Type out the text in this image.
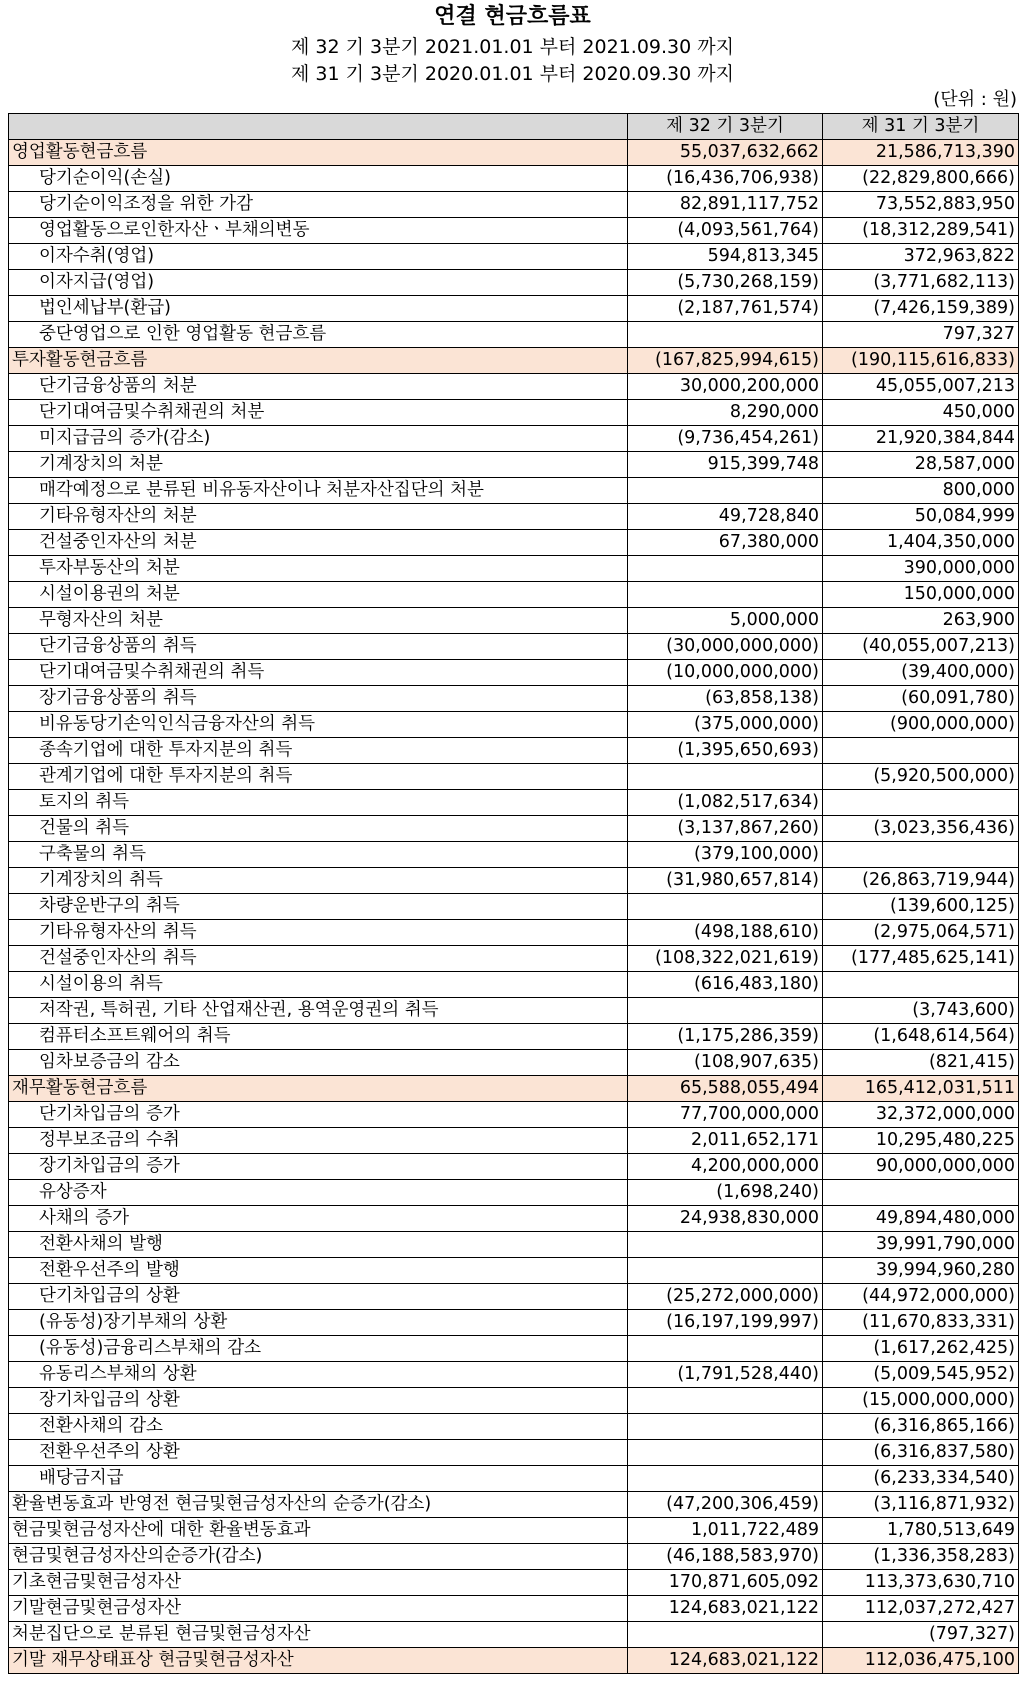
연결 현금흐름표
제 32 기 3분기 2021.01.01 부터 2021.09.30 까지
제 31 기 3분기 2020.01.01 부터 2020.09.30 까지
(단위 : 원)
	제 32 기 3분기	제 31 기 3분기
영업활동현금흐름	55,037,632,662	21,586,713,390
당기순이익(손실)	(16,436,706,938)	(22,829,800,666)
당기순이익조정을 위한 가감	82,891,117,752	73,552,883,950
영업활동으로인한자산ㆍ부채의변동	(4,093,561,764)	(18,312,289,541)
이자수취(영업)	594,813,345	372,963,822
이자지급(영업)	(5,730,268,159)	(3,771,682,113)
법인세납부(환급)	(2,187,761,574)	(7,426,159,389)
중단영업으로 인한 영업활동 현금흐름		797,327
투자활동현금흐름	(167,825,994,615)	(190,115,616,833)
단기금융상품의 처분	30,000,200,000	45,055,007,213
단기대여금및수취채권의 처분	8,290,000	450,000
미지급금의 증가(감소)	(9,736,454,261)	21,920,384,844
기계장치의 처분	915,399,748	28,587,000
매각예정으로 분류된 비유동자산이나 처분자산집단의 처분		800,000
기타유형자산의 처분	49,728,840	50,084,999
건설중인자산의 처분	67,380,000	1,404,350,000
투자부동산의 처분		390,000,000
시설이용권의 처분		150,000,000
무형자산의 처분	5,000,000	263,900
단기금융상품의 취득	(30,000,000,000)	(40,055,007,213)
단기대여금및수취채권의 취득	(10,000,000,000)	(39,400,000)
장기금융상품의 취득	(63,858,138)	(60,091,780)
비유동당기손익인식금융자산의 취득	(375,000,000)	(900,000,000)
종속기업에 대한 투자지분의 취득	(1,395,650,693)	
관계기업에 대한 투자지분의 취득		(5,920,500,000)
토지의 취득	(1,082,517,634)	
건물의 취득	(3,137,867,260)	(3,023,356,436)
구축물의 취득	(379,100,000)	
기계장치의 취득	(31,980,657,814)	(26,863,719,944)
차량운반구의 취득		(139,600,125)
기타유형자산의 취득	(498,188,610)	(2,975,064,571)
건설중인자산의 취득	(108,322,021,619)	(177,485,625,141)
시설이용의 취득	(616,483,180)	
저작권, 특허권, 기타 산업재산권, 용역운영권의 취득		(3,743,600)
컴퓨터소프트웨어의 취득	(1,175,286,359)	(1,648,614,564)
임차보증금의 감소	(108,907,635)	(821,415)
재무활동현금흐름	65,588,055,494	165,412,031,511
단기차입금의 증가	77,700,000,000	32,372,000,000
정부보조금의 수취	2,011,652,171	10,295,480,225
장기차입금의 증가	4,200,000,000	90,000,000,000
유상증자	(1,698,240)	
사채의 증가	24,938,830,000	49,894,480,000
전환사채의 발행		39,991,790,000
전환우선주의 발행		39,994,960,280
단기차입금의 상환	(25,272,000,000)	(44,972,000,000)
(유동성)장기부채의 상환	(16,197,199,997)	(11,670,833,331)
(유동성)금융리스부채의 감소		(1,617,262,425)
유동리스부채의 상환	(1,791,528,440)	(5,009,545,952)
장기차입금의 상환		(15,000,000,000)
전환사채의 감소		(6,316,865,166)
전환우선주의 상환		(6,316,837,580)
배당금지급		(6,233,334,540)
환율변동효과 반영전 현금및현금성자산의 순증가(감소)	(47,200,306,459)	(3,116,871,932)
현금및현금성자산에 대한 환율변동효과	1,011,722,489	1,780,513,649
현금및현금성자산의순증가(감소)	(46,188,583,970)	(1,336,358,283)
기초현금및현금성자산	170,871,605,092	113,373,630,710
기말현금및현금성자산	124,683,021,122	112,037,272,427
처분집단으로 분류된 현금및현금성자산		(797,327)
기말 재무상태표상 현금및현금성자산	124,683,021,122	112,036,475,100
